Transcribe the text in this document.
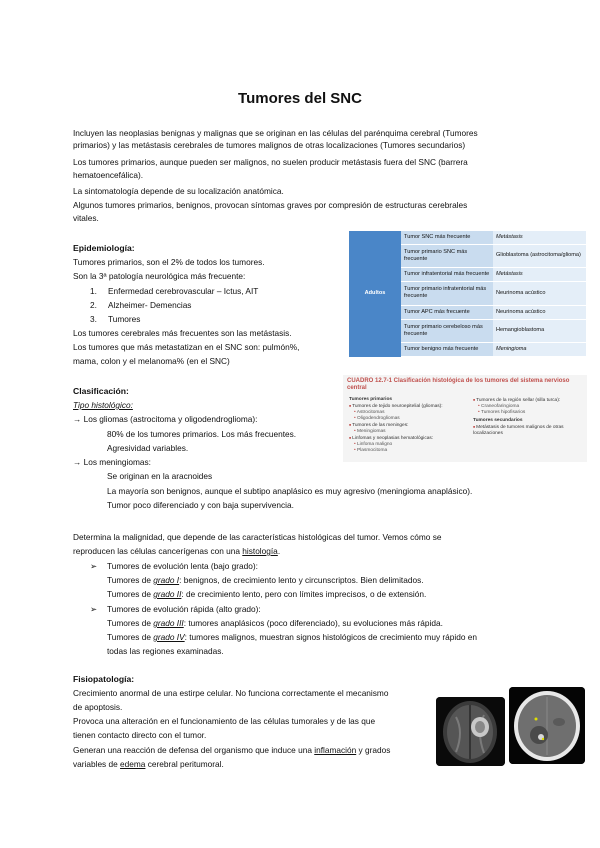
Tumores del SNC
Incluyen las neoplasias benignas y malignas que se originan en las células del parénquima cerebral (Tumores
primarios) y las metástasis cerebrales de tumores malignos de otras localizaciones (Tumores secundarios)
Los tumores primarios, aunque pueden ser malignos, no suelen producir metástasis fuera del SNC (barrera
hematoencefálica).
La sintomatología depende de su localización anatómica.
Algunos tumores primarios, benignos, provocan síntomas graves por compresión de estructuras cerebrales
vitales.
Epidemiología:
Tumores primarios, son el 2% de todos los tumores.
Son la 3ª patología neurológica más frecuente:
1. Enfermedad cerebrovascular – Ictus, AIT
2. Alzheimer- Demencias
3. Tumores
Los tumores cerebrales más frecuentes son las metástasis.
Los tumores que más metastatizan en el SNC son: pulmón%,
mama, colon y el melanoma% (en el SNC)
Adultos	Tumor SNC más frecuente	Metástasis
	Tumor primario SNC más frecuente	Glioblastoma (astrocitoma/glioma)
	Tumor infratentorial más frecuente	Metástasis
	Tumor primario infratentorial más frecuente	Neurinoma acústico
	Tumor APC más frecuente	Neurinoma acústico
	Tumor primario cerebeloso más frecuente	Hemangioblastoma
	Tumor benigno más frecuente	Meningioma
Clasificación:
Tipo histológico:
→ Los gliomas (astrocitoma y oligodendroglioma):
80% de los tumores primarios. Los más frecuentes.
Agresividad variables.
→ Los meningiomas:
Se originan en la aracnoides
La mayoría son benignos, aunque el subtipo anaplásico es muy agresivo (meningioma anaplásico).
Tumor poco diferenciado y con baja supervivencia.
CUADRO 12.7-1 Clasificación histológica de los tumores del sistema nervioso central
Tumores primarios
■ Tumores de tejido neuroepitelial (gliomas):
• Astrocitomas
• Oligodendrogliomas
■ Tumores de las meninges:
• Meningiomas
■ Linfomas y neoplasias hematológicas:
• Linfoma maligno
• Plasmocitoma
■ Tumores de la región sellar (silla turca):
• Craneofaringioma
• Tumores hipofisarios
Tumores secundarios
■ Metástasis de tumores malignos de otras localizaciones
Determina la malignidad, que depende de las características histológicas del tumor. Vemos cómo se
reproducen las células cancerígenas con una histología.
➢ Tumores de evolución lenta (bajo grado):
Tumores de grado I: benignos, de crecimiento lento y circunscriptos. Bien delimitados.
Tumores de grado II: de crecimiento lento, pero con límites imprecisos, o de extensión.
➢ Tumores de evolución rápida (alto grado):
Tumores de grado III: tumores anaplásicos (poco diferenciado), su evoluciones más rápida.
Tumores de grado IV: tumores malignos, muestran signos histológicos de crecimiento muy rápido en
todas las regiones examinadas.
Fisiopatología:
Crecimiento anormal de una estirpe celular. No funciona correctamente el mecanismo
de apoptosis.
Provoca una alteración en el funcionamiento de las células tumorales y de las que
tienen contacto directo con el tumor.
Generan una reacción de defensa del organismo que induce una inflamación y grados
variables de edema cerebral peritumoral.
